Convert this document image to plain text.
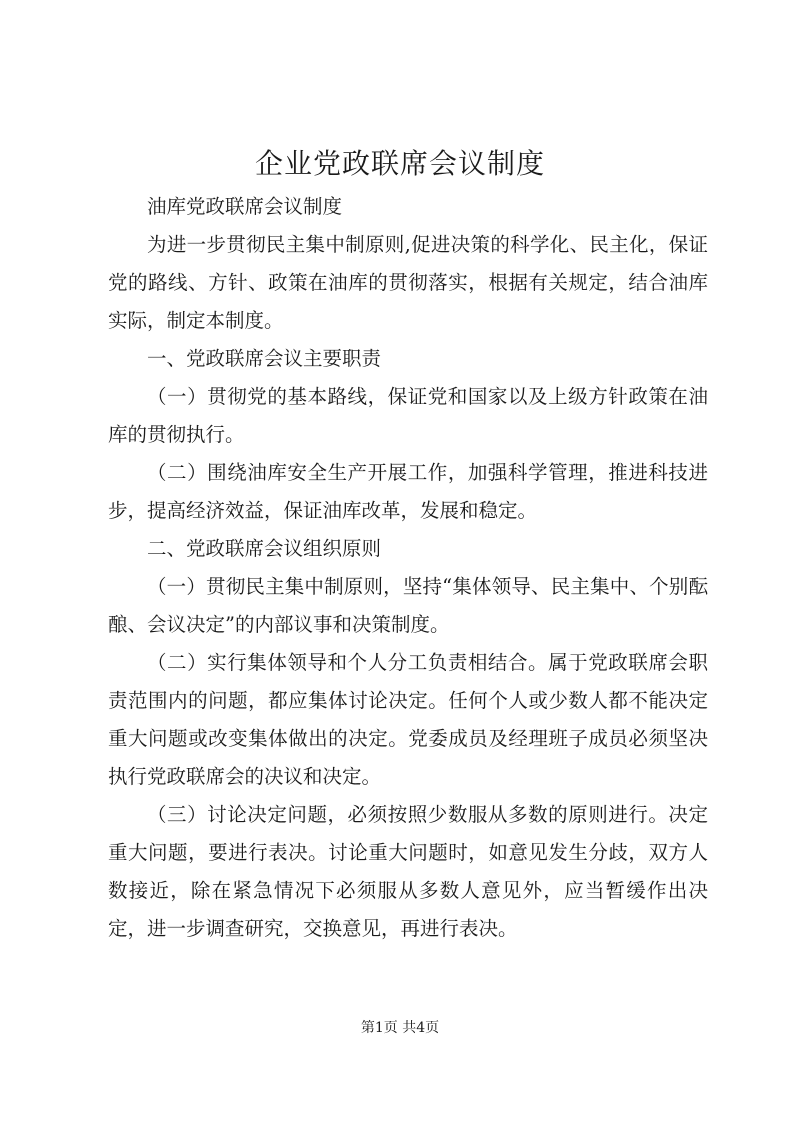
企业党政联席会议制度

油库党政联席会议制度

为进一步贯彻民主集中制原则,促进决策的科学化、民主化，保证党的路线、方针、政策在油库的贯彻落实，根据有关规定，结合油库实际，制定本制度。

一、党政联席会议主要职责

（一）贯彻党的基本路线，保证党和国家以及上级方针政策在油库的贯彻执行。

（二）围绕油库安全生产开展工作，加强科学管理，推进科技进步，提高经济效益，保证油库改革，发展和稳定。

二、党政联席会议组织原则

（一）贯彻民主集中制原则，坚持“集体领导、民主集中、个别酝酿、会议决定”的内部议事和决策制度。

（二）实行集体领导和个人分工负责相结合。属于党政联席会职责范围内的问题，都应集体讨论决定。任何个人或少数人都不能决定重大问题或改变集体做出的决定。党委成员及经理班子成员必须坚决执行党政联席会的决议和决定。

（三）讨论决定问题，必须按照少数服从多数的原则进行。决定重大问题，要进行表决。讨论重大问题时，如意见发生分歧，双方人数接近，除在紧急情况下必须服从多数人意见外，应当暂缓作出决定，进一步调查研究，交换意见，再进行表决。

第1页 共4页
